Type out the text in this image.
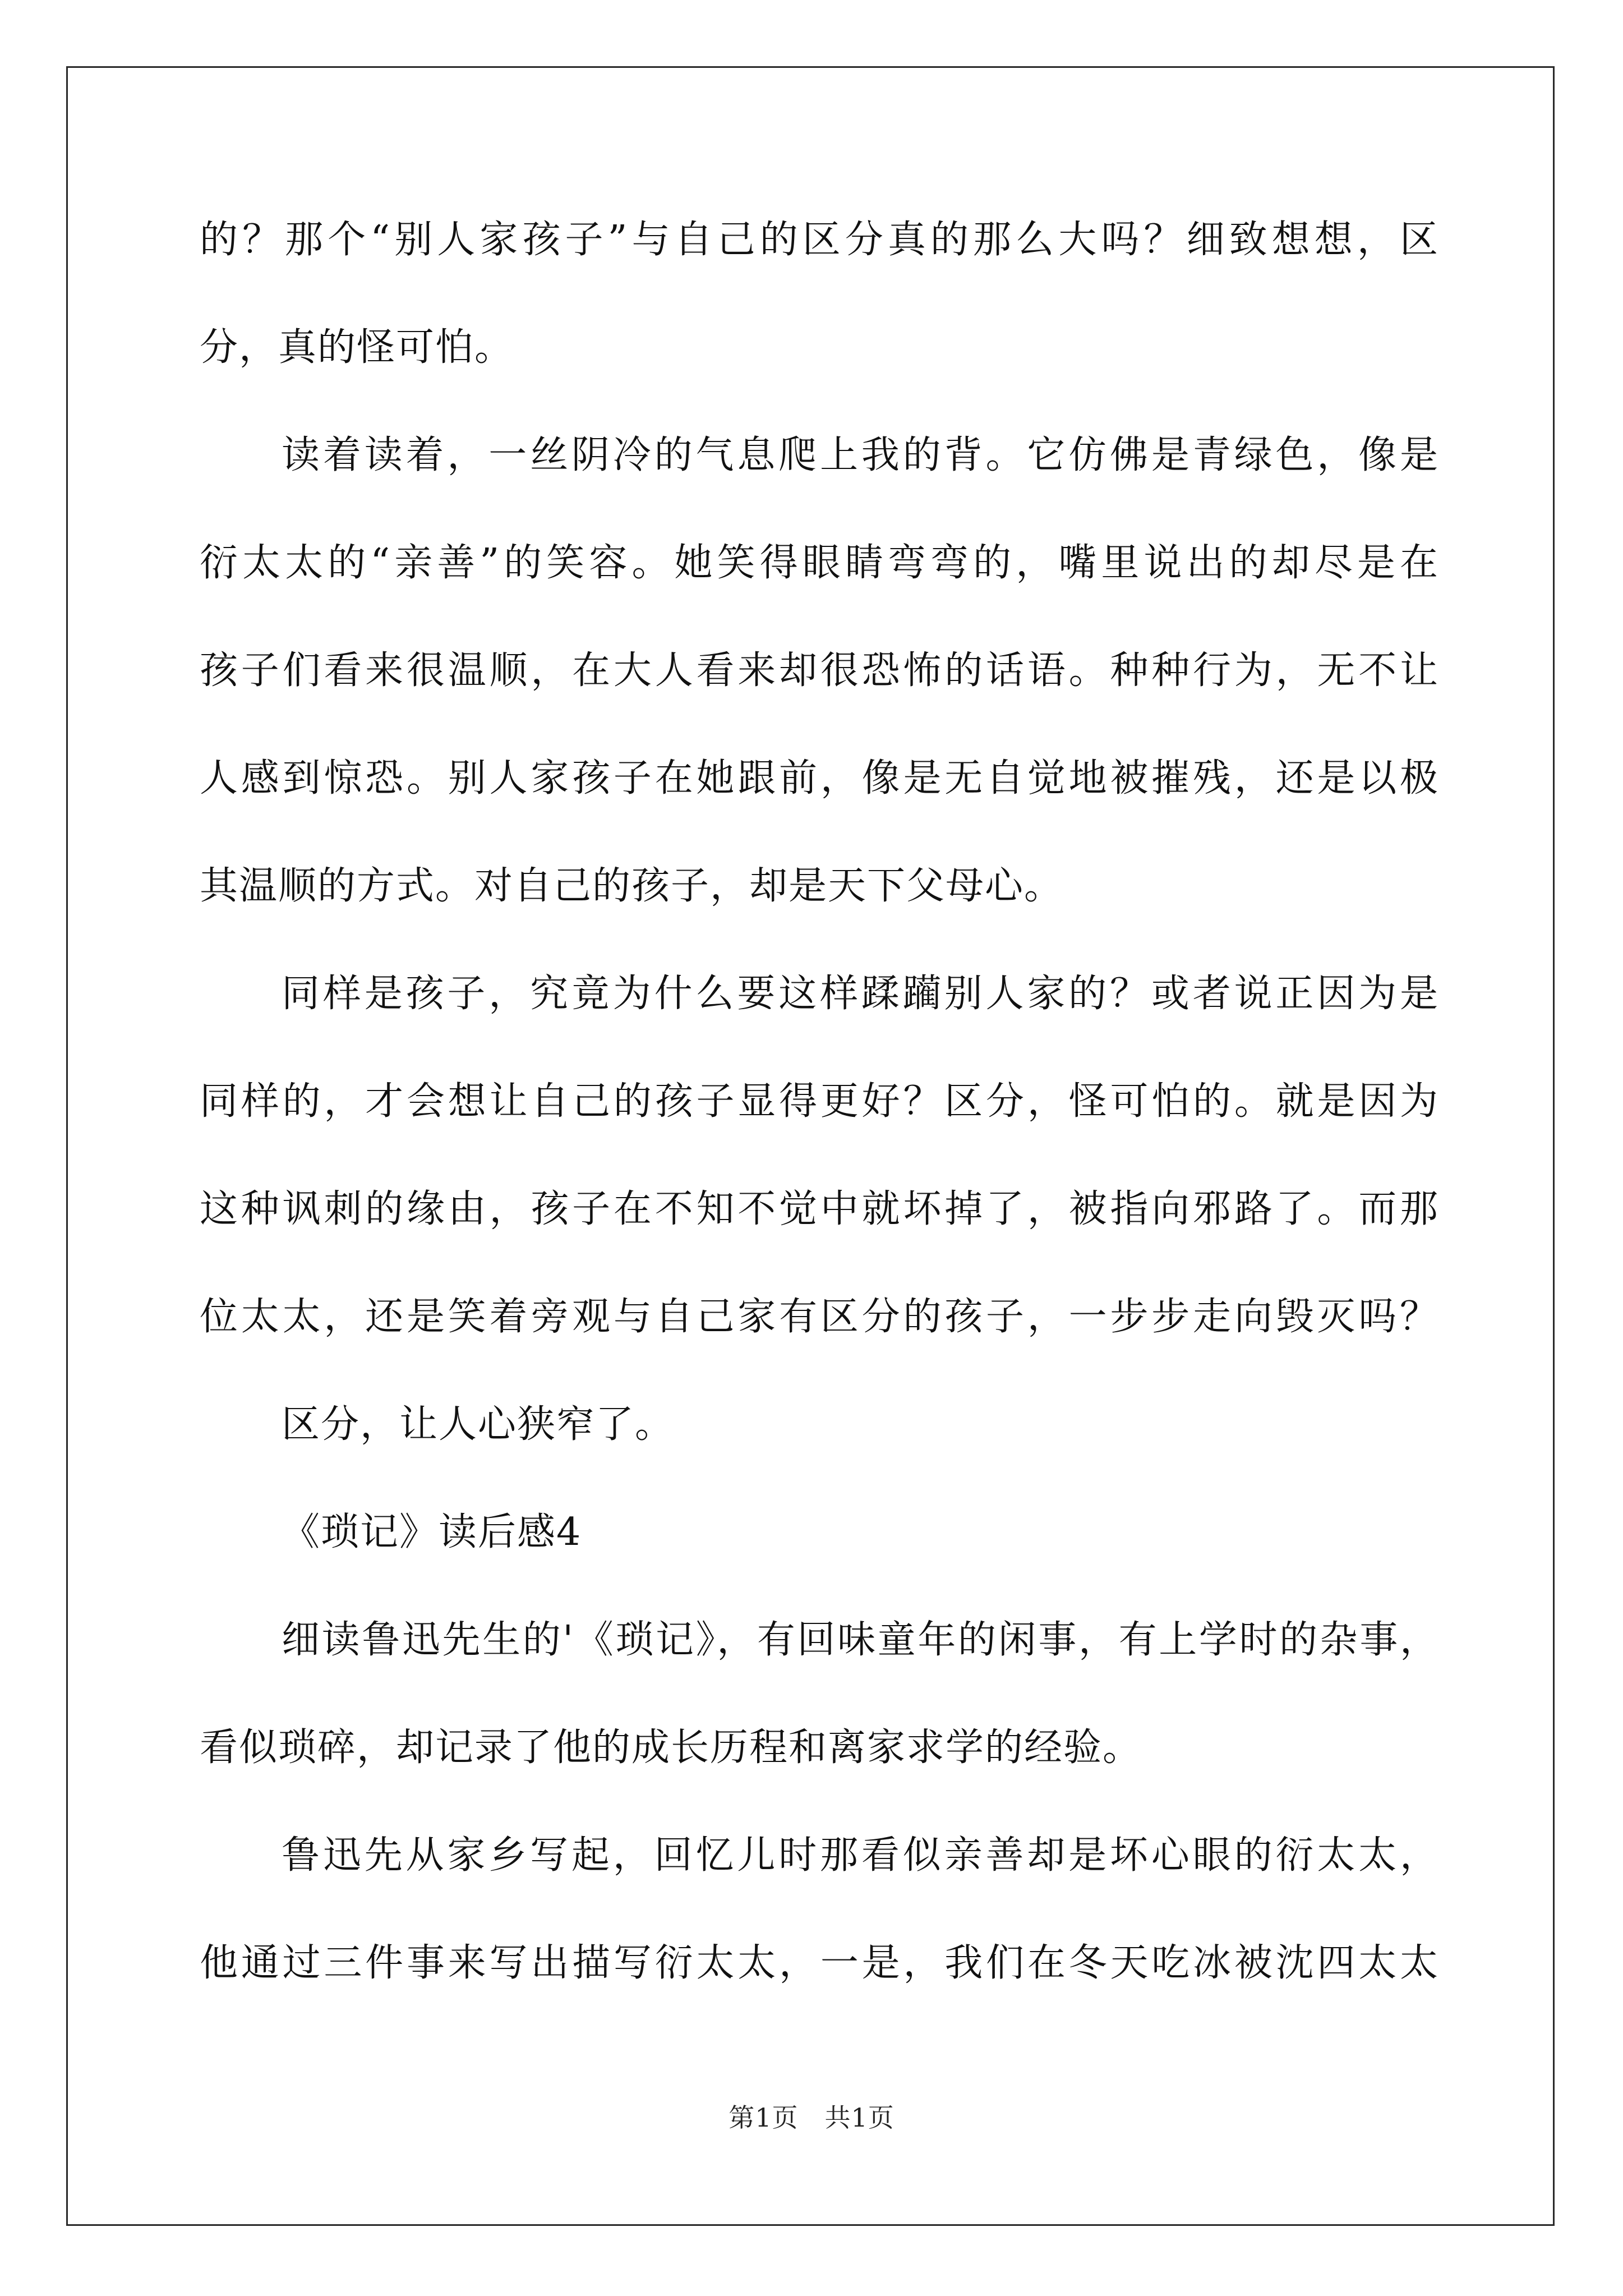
的？那个“别人家孩子”与自己的区分真的那么大吗？细致想想，区
分，真的怪可怕。
读着读着，一丝阴冷的气息爬上我的背。它仿佛是青绿色，像是
衍太太的“亲善”的笑容。她笑得眼睛弯弯的，嘴里说出的却尽是在
孩子们看来很温顺，在大人看来却很恐怖的话语。种种行为，无不让
人感到惊恐。别人家孩子在她跟前，像是无自觉地被摧残，还是以极
其温顺的方式。对自己的孩子，却是天下父母心。
同样是孩子，究竟为什么要这样蹂躏别人家的？或者说正因为是
同样的，才会想让自己的孩子显得更好？区分，怪可怕的。就是因为
这种讽刺的缘由，孩子在不知不觉中就坏掉了，被指向邪路了。而那
位太太，还是笑着旁观与自己家有区分的孩子，一步步走向毁灭吗？
区分，让人心狭窄了。
《琐记》读后感4
细读鲁迅先生的'《琐记》，有回味童年的闲事，有上学时的杂事，
看似琐碎，却记录了他的成长历程和离家求学的经验。
鲁迅先从家乡写起，回忆儿时那看似亲善却是坏心眼的衍太太，
他通过三件事来写出描写衍太太，一是，我们在冬天吃冰被沈四太太
第1页　共1页
